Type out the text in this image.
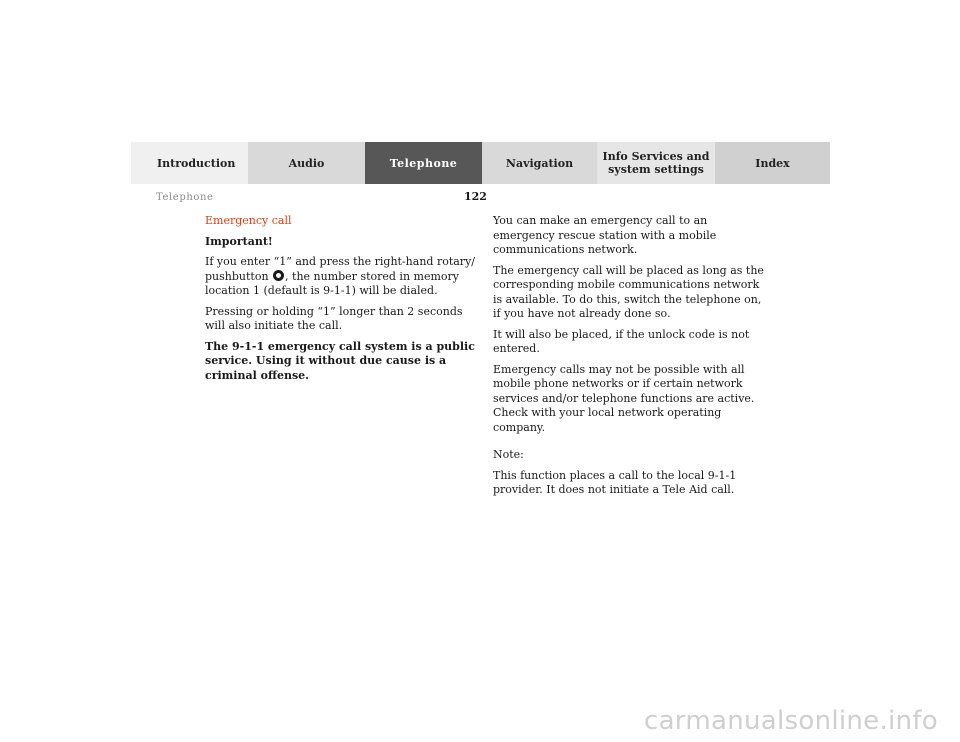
Introduction	Audio	Telephone	Navigation	Info Services and
system settings	Index
Telephone	122

Emergency call

Important!

If you enter “1” and press the right-hand rotary/ pushbutton , the number stored in memory location 1 (default is 9-1-1) will be dialed.

Pressing or holding “1” longer than 2 seconds will also initiate the call.

The 9-1-1 emergency call system is a public service. Using it without due cause is a criminal offense.

You can make an emergency call to an emergency rescue station with a mobile communications network.

The emergency call will be placed as long as the corresponding mobile communications network is available. To do this, switch the telephone on, if you have not already done so.

It will also be placed, if the unlock code is not entered.

Emergency calls may not be possible with all mobile phone networks or if certain network services and/or telephone functions are active. Check with your local network operating company.

Note:

This function places a call to the local 9-1-1 provider. It does not initiate a Tele Aid call.

carmanualsonline.info
